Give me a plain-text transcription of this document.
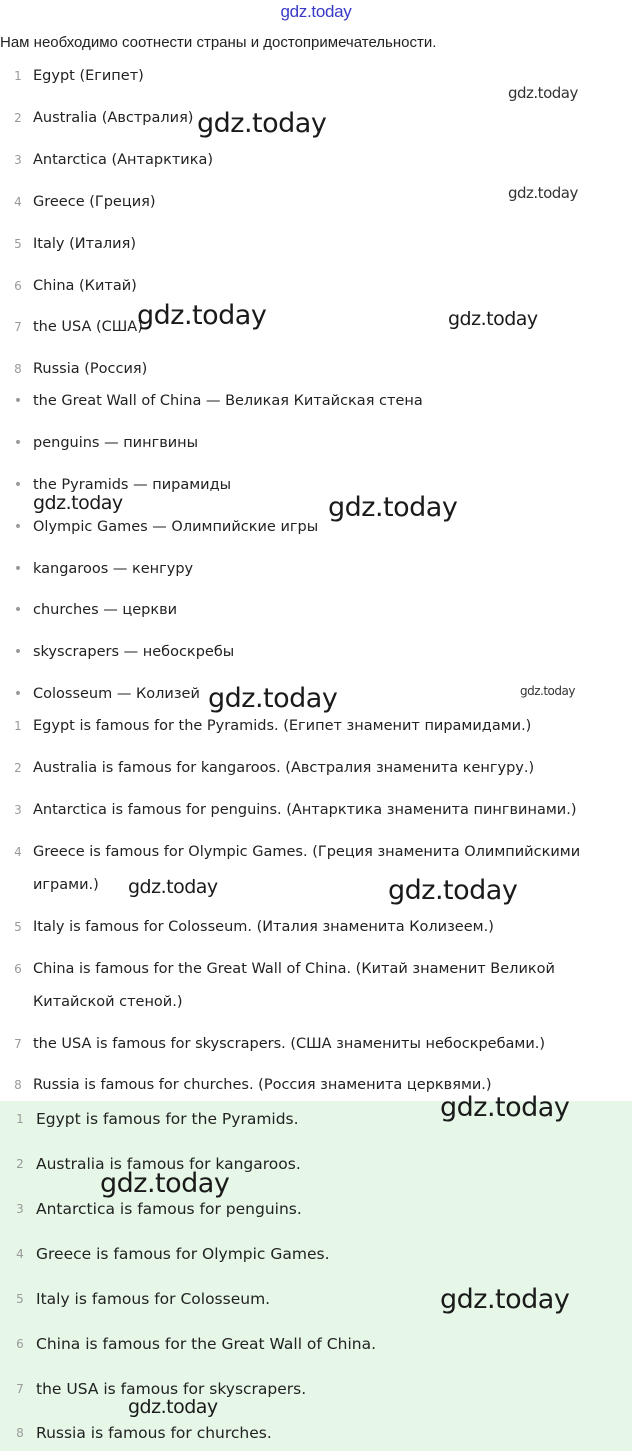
gdz.today
Нам необходимо соотнести страны и достопримечательности.
1 Egypt (Египет)
2 Australia (Австралия)
3 Antarctica (Антарктика)
4 Greece (Греция)
5 Italy (Италия)
6 China (Китай)
7 the USA (США)
8 Russia (Россия)
• the Great Wall of China — Великая Китайская стена
• penguins — пингвины
• the Pyramids — пирамиды
• Olympic Games — Олимпийские игры
• kangaroos — кенгуру
• churches — церкви
• skyscrapers — небоскребы
• Colosseum — Колизей
1 Egypt is famous for the Pyramids. (Египет знаменит пирамидами.)
2 Australia is famous for kangaroos. (Австралия знаменита кенгуру.)
3 Antarctica is famous for penguins. (Антарктика знаменита пингвинами.)
4 Greece is famous for Olympic Games. (Греция знаменита Олимпийскими играми.)
5 Italy is famous for Colosseum. (Италия знаменита Колизеем.)
6 China is famous for the Great Wall of China. (Китай знаменит Великой Китайской стеной.)
7 the USA is famous for skyscrapers. (США знамениты небоскребами.)
8 Russia is famous for churches. (Россия знаменита церквями.)
1 Egypt is famous for the Pyramids.
2 Australia is famous for kangaroos.
3 Antarctica is famous for penguins.
4 Greece is famous for Olympic Games.
5 Italy is famous for Colosseum.
6 China is famous for the Great Wall of China.
7 the USA is famous for skyscrapers.
8 Russia is famous for churches.
gdz.today
gdz.today
gdz.today
gdz.today	gdz.today
gdz.today	gdz.today
gdz.today	gdz.today
gdz.today	gdz.today
gdz.today
gdz.today
gdz.today
gdz.today
